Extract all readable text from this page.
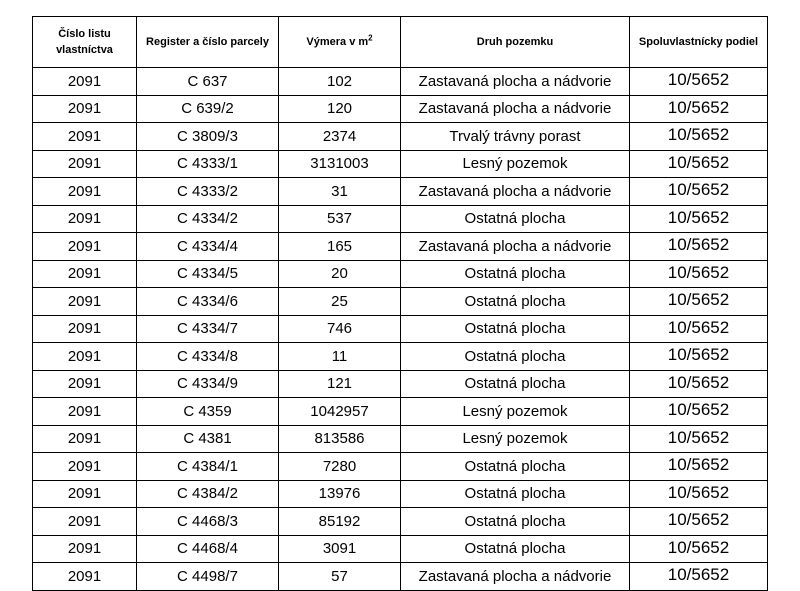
Číslo listu
vlastníctva	Register a číslo parcely	Výmera v $m^2$	Druh pozemku	Spoluvlastnícky podiel
2091	C 637	102	Zastavaná plocha a nádvorie	10/5652
2091	C 639/2	120	Zastavaná plocha a nádvorie	10/5652
2091	C 3809/3	2374	Trvalý trávny porast	10/5652
2091	C 4333/1	3131003	Lesný pozemok	10/5652
2091	C 4333/2	31	Zastavaná plocha a nádvorie	10/5652
2091	C 4334/2	537	Ostatná plocha	10/5652
2091	C 4334/4	165	Zastavaná plocha a nádvorie	10/5652
2091	C 4334/5	20	Ostatná plocha	10/5652
2091	C 4334/6	25	Ostatná plocha	10/5652
2091	C 4334/7	746	Ostatná plocha	10/5652
2091	C 4334/8	11	Ostatná plocha	10/5652
2091	C 4334/9	121	Ostatná plocha	10/5652
2091	C 4359	1042957	Lesný pozemok	10/5652
2091	C 4381	813586	Lesný pozemok	10/5652
2091	C 4384/1	7280	Ostatná plocha	10/5652
2091	C 4384/2	13976	Ostatná plocha	10/5652
2091	C 4468/3	85192	Ostatná plocha	10/5652
2091	C 4468/4	3091	Ostatná plocha	10/5652
2091	C 4498/7	57	Zastavaná plocha a nádvorie	10/5652
